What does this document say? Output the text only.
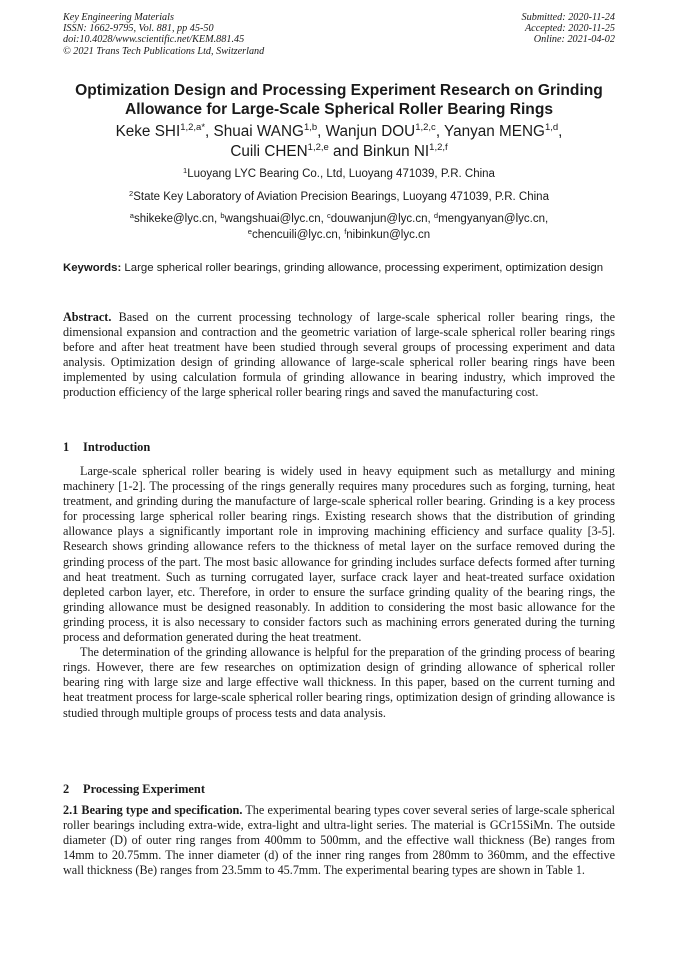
Key Engineering Materials
ISSN: 1662-9795, Vol. 881, pp 45-50
doi:10.4028/www.scientific.net/KEM.881.45
© 2021 Trans Tech Publications Ltd, Switzerland
Submitted: 2020-11-24
Accepted: 2020-11-25
Online: 2021-04-02
Optimization Design and Processing Experiment Research on Grinding
Allowance for Large-Scale Spherical Roller Bearing Rings
Keke $SHI^{1,2,a*}$, Shuai WANG$^{1,b}$, Wanjun DOU$^{1,2,c}$, Yanyan MENG$^{1,d}$,
Cuili CHEN$^{1,2,e}$ and Binkun NI$^{1,2,f}$
$^1$Luoyang LYC Bearing Co., Ltd, Luoyang 471039, P.R. China
$^2$State Key Laboratory of Aviation Precision Bearings, Luoyang 471039, P.R. China
$^a$shikeke@lyc.cn, $^b$wangshuai@lyc.cn, $^c$douwanjun@lyc.cn, $^d$mengyanyan@lyc.cn,
$^e$chencuili@lyc.cn, $^f$nibinkun@lyc.cn
Keywords: Large spherical roller bearings, grinding allowance, processing experiment, optimization design
Abstract. Based on the current processing technology of large-scale spherical roller bearing rings, the dimensional expansion and contraction and the geometric variation of large-scale spherical roller bearing rings before and after heat treatment have been studied through several groups of processing experiment and data analysis. Optimization design of grinding allowance of large-scale spherical roller bearing rings have been implemented by using calculation formula of grinding allowance in bearing industry, which improved the production efficiency of the large spherical roller bearing rings and saved the manufacturing cost.
1 Introduction

Large-scale spherical roller bearing is widely used in heavy equipment such as metallurgy and mining machinery [1-2]. The processing of the rings generally requires many procedures such as forging, turning, heat treatment, and grinding during the manufacture of large-scale spherical roller bearing. Grinding is a key process for processing large spherical roller bearing rings. Existing research shows that the distribution of grinding allowance plays a significantly important role in improving machining efficiency and surface quality [3-5]. Research shows grinding allowance refers to the thickness of metal layer on the surface removed during the grinding process of the part. The most basic allowance for grinding includes surface defects formed after turning and heat treatment. Such as turning corrugated layer, surface crack layer and heat-treated surface oxidation depleted carbon layer, etc. Therefore, in order to ensure the surface grinding quality of the bearing rings, the grinding allowance must be designed reasonably. In addition to considering the most basic allowance for the grinding process, it is also necessary to consider factors such as machining errors generated during the turning process and deformation generated during the heat treatment.

The determination of the grinding allowance is helpful for the preparation of the grinding process of bearing rings. However, there are few researches on optimization design of grinding allowance of spherical roller bearing ring with large size and large effective wall thickness. In this paper, based on the current turning and heat treatment process for large-scale spherical roller bearing rings, optimization design of grinding allowance is studied through multiple groups of process tests and data analysis.

2 Processing Experiment

2.1 Bearing type and specification. The experimental bearing types cover several series of large-scale spherical roller bearings including extra-wide, extra-light and ultra-light series. The material is GCr15SiMn. The outside diameter (D) of outer ring ranges from 400mm to 500mm, and the effective wall thickness (Be) ranges from 14mm to 20.75mm. The inner diameter (d) of the inner ring ranges from 280mm to 360mm, and the effective wall thickness (Be) ranges from 23.5mm to 45.7mm. The experimental bearing types are shown in Table 1.
